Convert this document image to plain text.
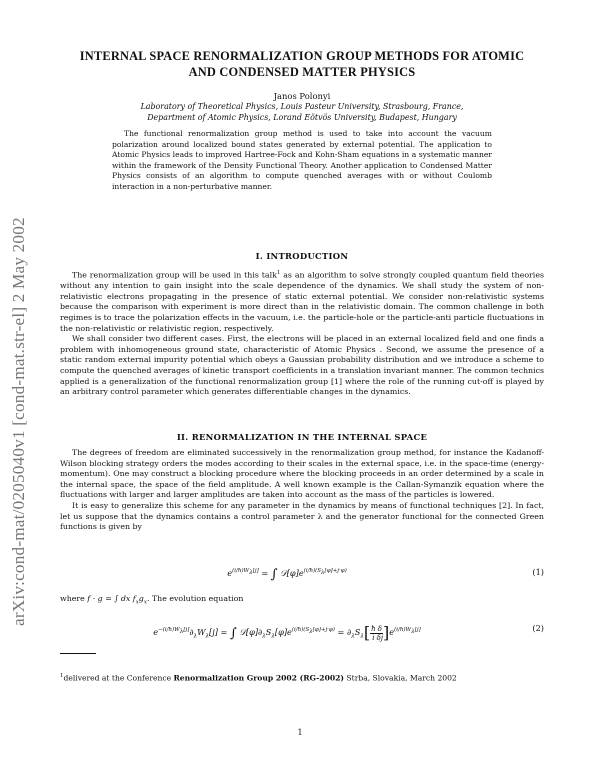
arXiv:cond-mat/0205040v1 [cond-mat.str-el] 2 May 2002
INTERNAL SPACE RENORMALIZATION GROUP METHODS FOR ATOMIC
AND CONDENSED MATTER PHYSICS
Janos Polonyi
Laboratory of Theoretical Physics, Louis Pasteur University, Strasbourg, France,
Department of Atomic Physics, Lorand Eötvös University, Budapest, Hungary

The functional renormalization group method is used to take into account the vacuum polarization around localized bound states generated by external potential. The application to Atomic Physics leads to improved Hartree-Fock and Kohn-Sham equations in a systematic manner within the framework of the Density Functional Theory. Another application to Condensed Matter Physics consists of an algorithm to compute quenched averages with or without Coulomb interaction in a non-perturbative manner.

I. INTRODUCTION

The renormalization group will be used in this talk$^1$ as an algorithm to solve strongly coupled quantum field theories without any intention to gain insight into the scale dependence of the dynamics. We shall study the system of non-relativistic electrons propagating in the presence of static external potential. We consider non-relativistic systems because the comparison with experiment is more direct than in the relativistic domain. The common challenge in both regimes is to trace the polarization effects in the vacuum, i.e. the particle-hole or the particle-anti particle fluctuations in the non-relativistic or relativistic region, respectively.

We shall consider two different cases. First, the electrons will be placed in an external localized field and one finds a problem with inhomogeneous ground state, characteristic of Atomic Physics . Second, we assume the presence of a static random external impurity potential which obeys a Gaussian probability distribution and we introduce a scheme to compute the quenched averages of kinetic transport coefficients in a translation invariant manner. The common technics applied is a generalization of the functional renormalization group [1] where the role of the running cut-off is played by an arbitrary control parameter which generates differentiable changes in the dynamics.

II. RENORMALIZATION IN THE INTERNAL SPACE

The degrees of freedom are eliminated successively in the renormalization group method, for instance the Kadanoff-Wilson blocking strategy orders the modes according to their scales in the external space, i.e. in the space-time (energy-momentum). One may construct a blocking procedure where the blocking proceeds in an order determined by a scale in the internal space, the space of the field amplitude. A well known example is the Callan-Symanzik equation where the fluctuations with larger and larger amplitudes are taken into account as the mass of the particles is lowered.

It is easy to generalize this scheme for any parameter in the dynamics by means of functional techniques [2]. In fact, let us suppose that the dynamics contains a control parameter λ and the generator functional for the connected Green functions is given by

$e^{(i/ħ)W_\lambda[j]}$ = ∫ $𝒟[\varphi]e^{(i/ħ)(S_\lambda[\varphi]+j\cdot\varphi)}$	(1)
where f · g = ∫ dx $f_xg_x$. The evolution equation
$e^{-(i/ħ)W_\lambda[j]}\partial_\lambda W_\lambda[j]$ = ∫ $𝒟[\varphi]\partial_\lambda S_\lambda[\varphi]e^{(i/ħ)(S_\lambda[\varphi]+j\cdot\varphi)} = \partial_\lambda S_\lambda[ \frac{ħ}{i} \frac{\delta}{\delta j} ]e^{(i/ħ)W_\lambda[j]}$	(2)
$^1$delivered at the Conference Renormalization Group 2002 (RG-2002) Strba, Slovakia, March 2002
1
